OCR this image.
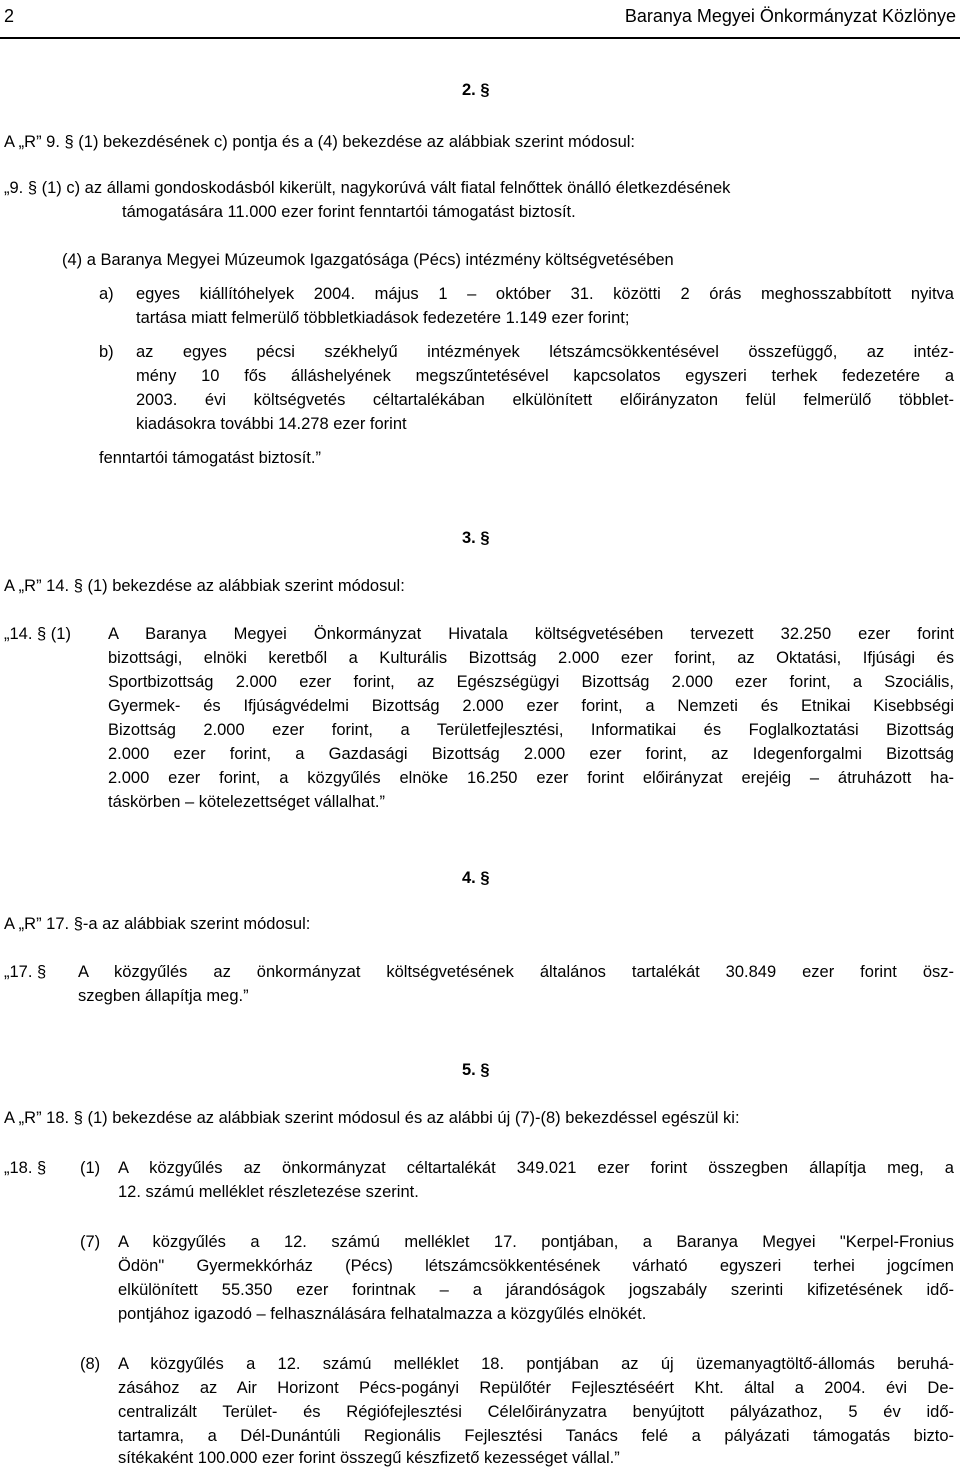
2	Baranya Megyei Önkormányzat Közlönye

2. §

A „R” 9. § (1) bekezdésének c) pontja és a (4) bekezdése az alábbiak szerint módosul:

„9. § (1) c) az állami gondoskodásból kikerült, nagykorúvá vált fiatal felnőttek önálló életkezdésének

támogatására 11.000 ezer forint fenntartói támogatást biztosít.

(4) a Baranya Megyei Múzeumok Igazgatósága (Pécs) intézmény költségvetésében

a) egyes kiállítóhelyek 2004. május 1 – október 31. közötti 2 órás meghosszabbított nyitva

tartása miatt felmerülő többletkiadások fedezetére 1.149 ezer forint;

b) az egyes pécsi székhelyű intézmények létszámcsökkentésével összefüggő, az intéz-

mény 10 fős álláshelyének megszűntetésével kapcsolatos egyszeri terhek fedezetére a

2003. évi költségvetés céltartalékában elkülönített előirányzaton felül felmerülő többlet-

kiadásokra további 14.278 ezer forint

fenntartói támogatást biztosít.”

3. §

A „R” 14. § (1) bekezdése az alábbiak szerint módosul:

„14. § (1) A Baranya Megyei Önkormányzat Hivatala költségvetésében tervezett 32.250 ezer forint

bizottsági, elnöki keretből a Kulturális Bizottság 2.000 ezer forint, az Oktatási, Ifjúsági és

Sportbizottság 2.000 ezer forint, az Egészségügyi Bizottság 2.000 ezer forint, a Szociális,

Gyermek- és Ifjúságvédelmi Bizottság 2.000 ezer forint, a Nemzeti és Etnikai Kisebbségi

Bizottság 2.000 ezer forint, a Területfejlesztési, Informatikai és Foglalkoztatási Bizottság

2.000 ezer forint, a Gazdasági Bizottság 2.000 ezer forint, az Idegenforgalmi Bizottság

2.000 ezer forint, a közgyűlés elnöke 16.250 ezer forint előirányzat erejéig – átruházott ha-

táskörben – kötelezettséget vállalhat.”

4. §

A „R” 17. §-a az alábbiak szerint módosul:

„17. § A közgyűlés az önkormányzat költségvetésének általános tartalékát 30.849 ezer forint ösz-

szegben állapítja meg.”

5. §

A „R” 18. § (1) bekezdése az alábbiak szerint módosul és az alábbi új (7)-(8) bekezdéssel egészül ki:

„18. § (1) A közgyűlés az önkormányzat céltartalékát 349.021 ezer forint összegben állapítja meg, a

12. számú melléklet részletezése szerint.

(7) A közgyűlés a 12. számú melléklet 17. pontjában, a Baranya Megyei "Kerpel-Fronius

Ödön" Gyermekkórház (Pécs) létszámcsökkentésének várható egyszeri terhei jogcímen

elkülönített 55.350 ezer forintnak – a járandóságok jogszabály szerinti kifizetésének idő-

pontjához igazodó – felhasználására felhatalmazza a közgyűlés elnökét.

(8) A közgyűlés a 12. számú melléklet 18. pontjában az új üzemanyagtöltő-állomás beruhá-

zásához az Air Horizont Pécs-pogányi Repülőtér Fejlesztéséért Kht. által a 2004. évi De-

centralizált Terület- és Régiófejlesztési Célelőirányzatra benyújtott pályázathoz, 5 év idő-

tartamra, a Dél-Dunántúli Regionális Fejlesztési Tanács felé a pályázati támogatás bizto-

sítékaként 100.000 ezer forint összegű készfizető kezességet vállal.”
